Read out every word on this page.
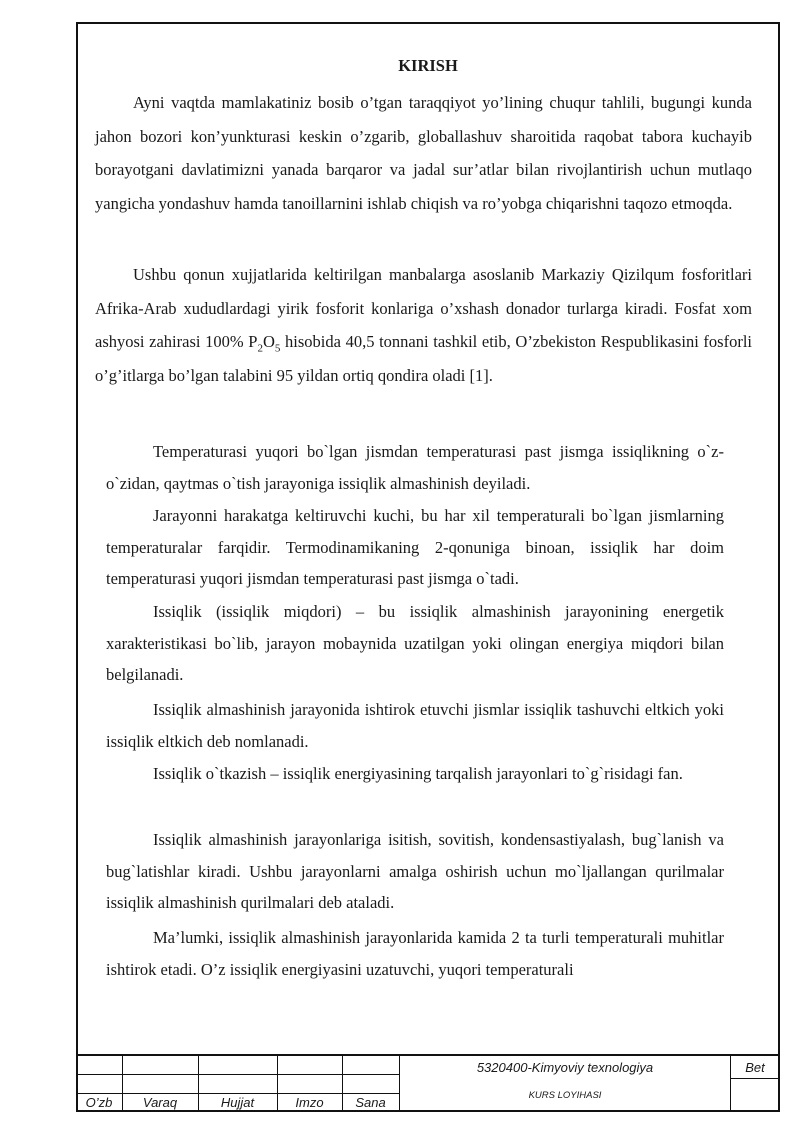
KIRISH

Ayni vaqtda mamlakatiniz bosib o’tgan taraqqiyot yo’lining chuqur tahlili, bugungi kunda jahon bozori kon’yunkturasi keskin o’zgarib, globallashuv sharoitida raqobat tabora kuchayib borayotgani davlatimizni yanada barqaror va jadal sur’atlar bilan rivojlantirish uchun mutlaqo yangicha yondashuv hamda tanoillarnini ishlab chiqish va ro’yobga chiqarishni taqozo etmoqda.

Ushbu qonun xujjatlarida keltirilgan manbalarga asoslanib Markaziy Qizilqum fosforitlari Afrika-Arab xududlardagi yirik fosforit konlariga o’xshash donador turlarga kiradi. Fosfat xom ashyosi zahirasi 100% $P_2O_5$ hisobida 40,5 tonnani tashkil etib, O’zbekiston Respublikasini fosforli o’g’itlarga bo’lgan talabini 95 yildan ortiq qondira oladi [1].

Temperaturasi yuqori bo`lgan jismdan temperaturasi past jismga issiqlikning o`z-o`zidan, qaytmas o`tish jarayoniga issiqlik almashinish deyiladi.

Jarayonni harakatga keltiruvchi kuchi, bu har xil temperaturali bo`lgan jismlarning temperaturalar farqidir. Termodinamikaning 2-qonuniga binoan, issiqlik har doim temperaturasi yuqori jismdan temperaturasi past jismga o`tadi.

Issiqlik (issiqlik miqdori) – bu issiqlik almashinish jarayonining energetik xarakteristikasi bo`lib, jarayon mobaynida uzatilgan yoki olingan energiya miqdori bilan belgilanadi.

Issiqlik almashinish jarayonida ishtirok etuvchi jismlar issiqlik tashuvchi eltkich yoki issiqlik eltkich deb nomlanadi.

Issiqlik o`tkazish – issiqlik energiyasining tarqalish jarayonlari to`g`risidagi fan.

Issiqlik almashinish jarayonlariga isitish, sovitish, kondensastiyalash, bug`lanish va bug`latishlar kiradi. Ushbu jarayonlarni amalga oshirish uchun mo`ljallangan qurilmalar issiqlik almashinish qurilmalari deb ataladi.

Ma’lumki, issiqlik almashinish jarayonlarida kamida 2 ta turli temperaturali muhitlar ishtirok etadi. O’z issiqlik energiyasini uzatuvchi, yuqori temperaturali

O’zb	Varaq	Hujjat	Imzo	Sana
5320400-Kimyoviy texnologiya
KURS LOYIHASI
Bet
